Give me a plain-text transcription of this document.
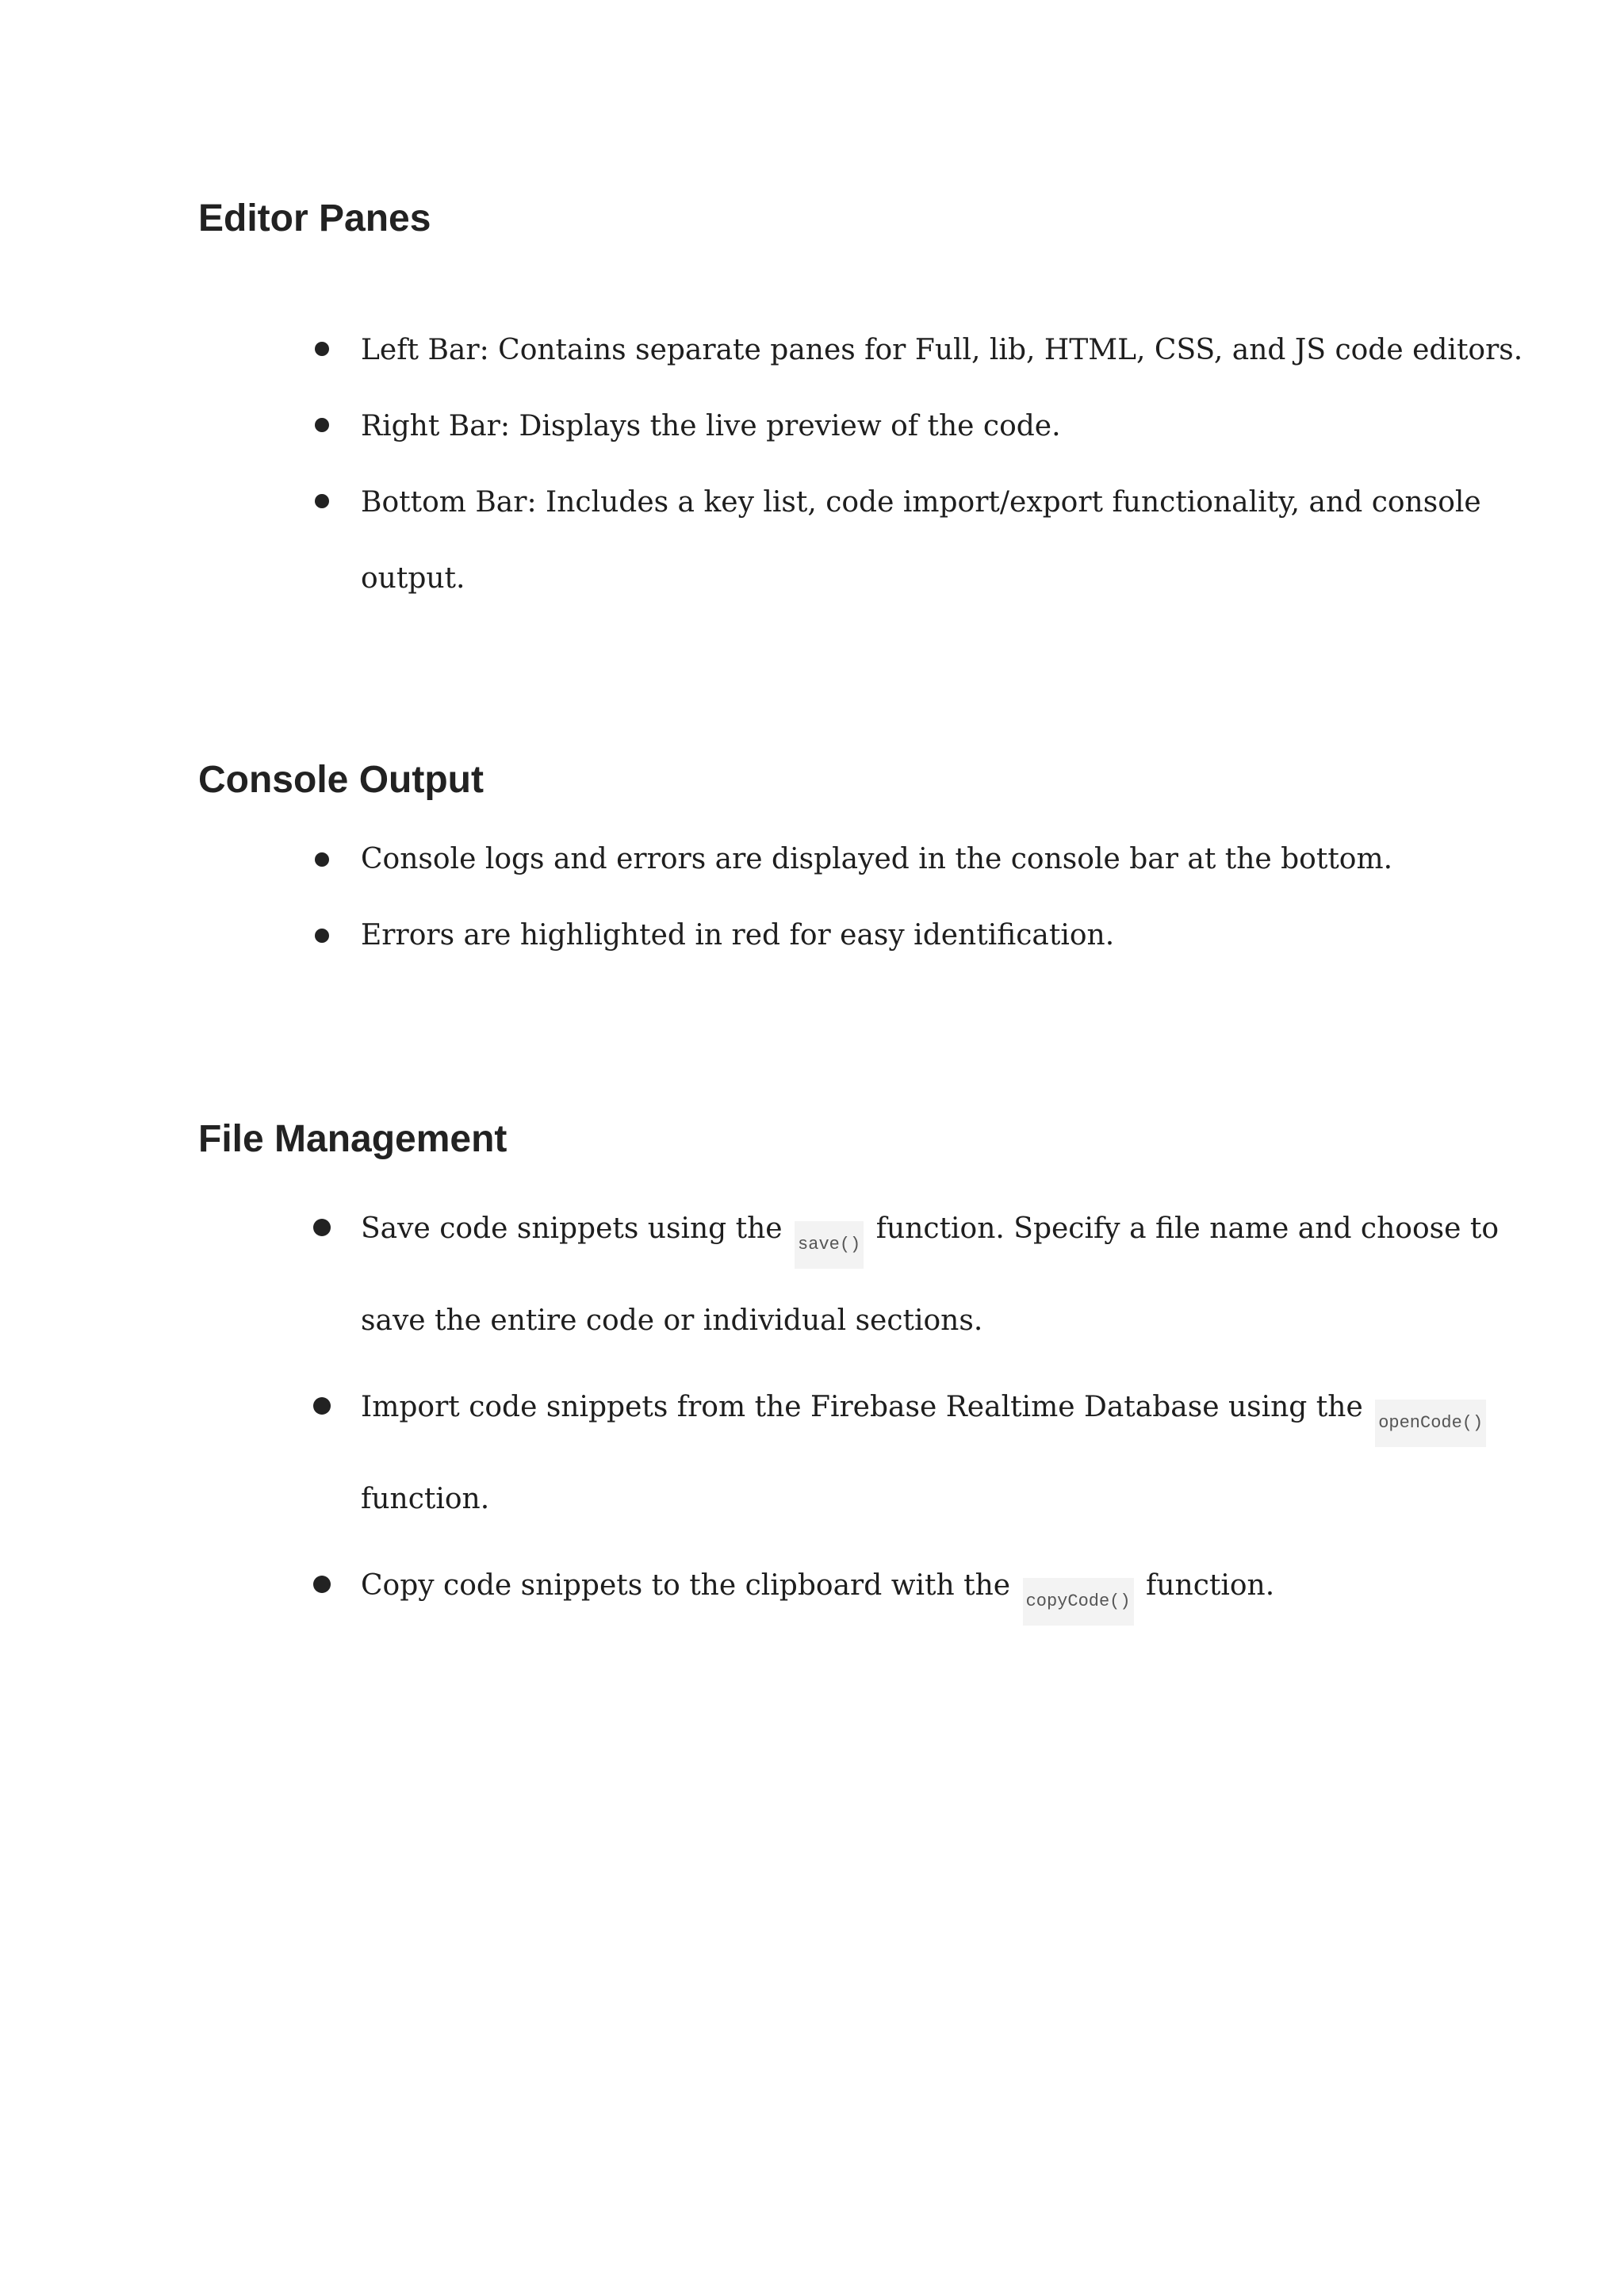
Editor Panes
Left Bar: Contains separate panes for Full, lib, HTML, CSS, and JS code editors.
Right Bar: Displays the live preview of the code.
Bottom Bar: Includes a key list, code import/export functionality, and console
output.
Console Output
Console logs and errors are displayed in the console bar at the bottom.
Errors are highlighted in red for easy identification.
File Management
Save code snippets using the save() function. Specify a file name and choose to
save the entire code or individual sections.
Import code snippets from the Firebase Realtime Database using the openCode()
function.
Copy code snippets to the clipboard with the copyCode() function.
